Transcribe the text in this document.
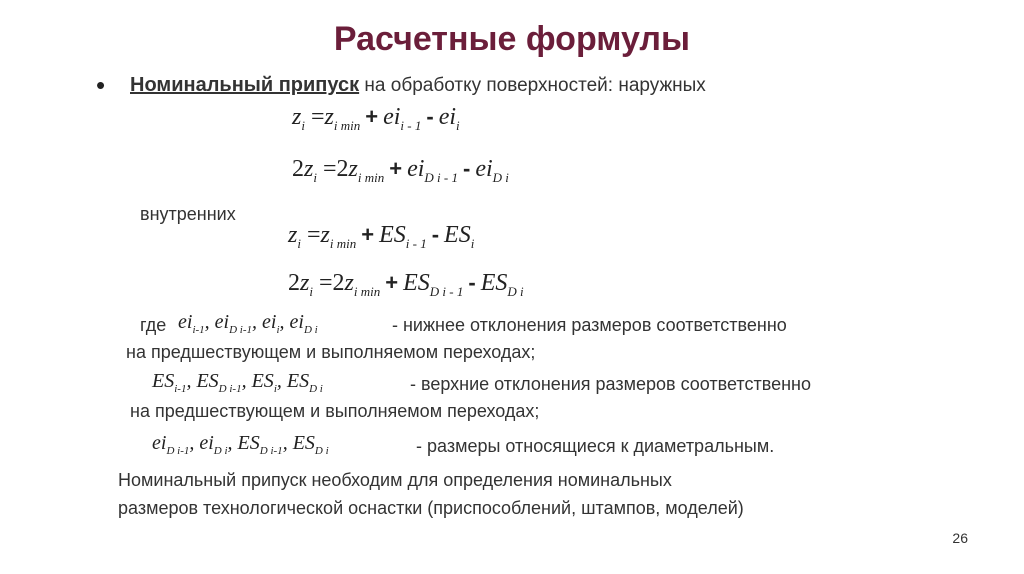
Расчетные формулы
• Номинальный припуск на обработку поверхностей: наружных
$z_i =z_{i min} + ei_{i - 1} - ei_i$
$2z_i =2z_{i min} + ei_{D i - 1} - ei_{D i}$
внутренних
$z_i =z_{i min} + ES_{i - 1} - ES_i$
$2z_i =2z_{i min} + ES_{D i - 1} - ES_{D i}$
где $ei_{i-1}$, $ei_{D i-1}$, $ei_i$, $ei_{D i}$	- нижнее отклонения размеров соответственно
на предшествующем и выполняемом переходах;
$ES_{i-1}$, $ES_{D i-1}$, $ES_i$, $ES_{D i}$	- верхние отклонения размеров соответственно
на предшествующем и выполняемом переходах;
$ei_{D i-1}$, $ei_{D i}$, $ES_{D i-1}$, $ES_{D i}$	- размеры относящиеся к диаметральным.
Номинальный припуск необходим для определения номинальных
размеров технологической оснастки (приспособлений, штампов, моделей)
26
